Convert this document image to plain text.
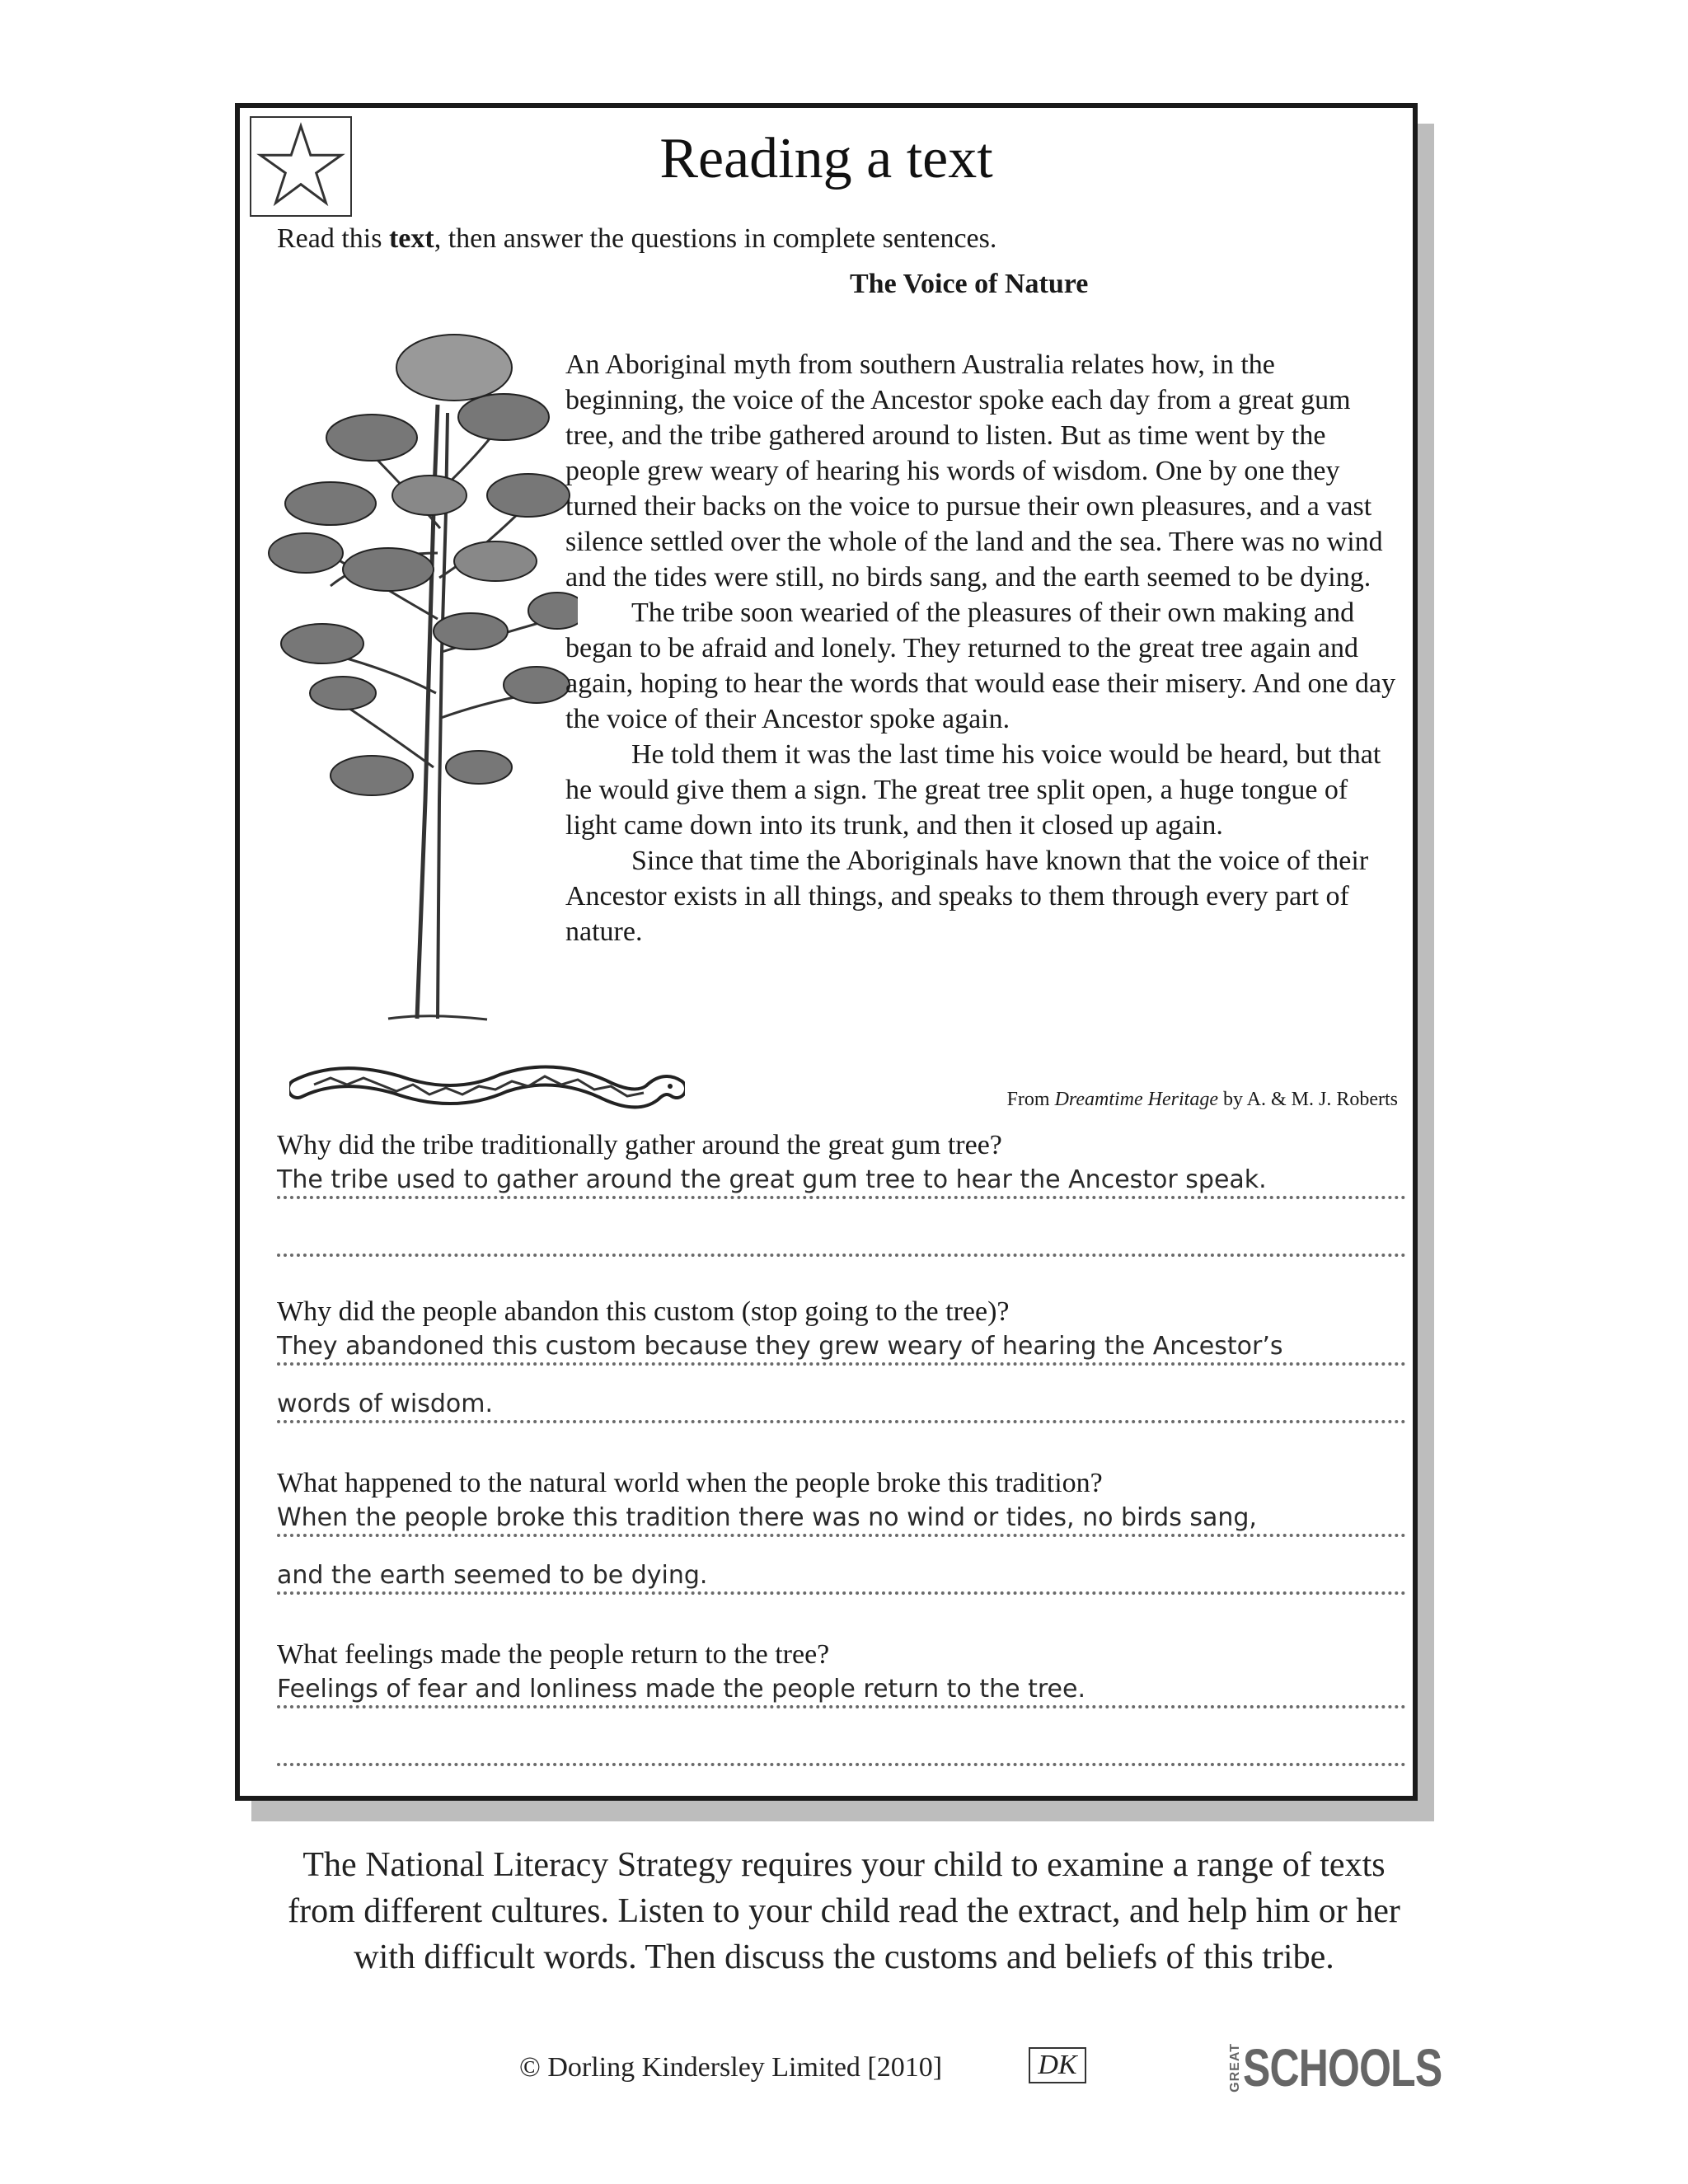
Reading a text
Read this text, then answer the questions in complete sentences.
The Voice of Nature

An Aboriginal myth from southern Australia relates how, in the beginning, the voice of the Ancestor spoke each day from a great gum tree, and the tribe gathered around to listen. But as time went by the people grew weary of hearing his words of wisdom. One by one they turned their backs on the voice to pursue their own pleasures, and a vast silence settled over the whole of the land and the sea. There was no wind and the tides were still, no birds sang, and the earth seemed to be dying.

The tribe soon wearied of the pleasures of their own making and began to be afraid and lonely. They returned to the great tree again and again, hoping to hear the words that would ease their misery. And one day the voice of their Ancestor spoke again.

He told them it was the last time his voice would be heard, but that he would give them a sign. The great tree split open, a huge tongue of light came down into its trunk, and then it closed up again.

Since that time the Aboriginals have known that the voice of their Ancestor exists in all things, and speaks to them through every part of nature.

From Dreamtime Heritage by A. & M. J. Roberts
Why did the tribe traditionally gather around the great gum tree?
The tribe used to gather around the great gum tree to hear the Ancestor speak.
Why did the people abandon this custom (stop going to the tree)?
They abandoned this custom because they grew weary of hearing the Ancestor’s
words of wisdom.
What happened to the natural world when the people broke this tradition?
When the people broke this tradition there was no wind or tides, no birds sang,
and the earth seemed to be dying.
What feelings made the people return to the tree?
Feelings of fear and lonliness made the people return to the tree.
The National Literacy Strategy requires your child to examine a range of texts
from different cultures. Listen to your child read the extract, and help him or her
with difficult words. Then discuss the customs and beliefs of this tribe.
© Dorling Kindersley Limited [2010]	DK	GREAT SCHOOLS
